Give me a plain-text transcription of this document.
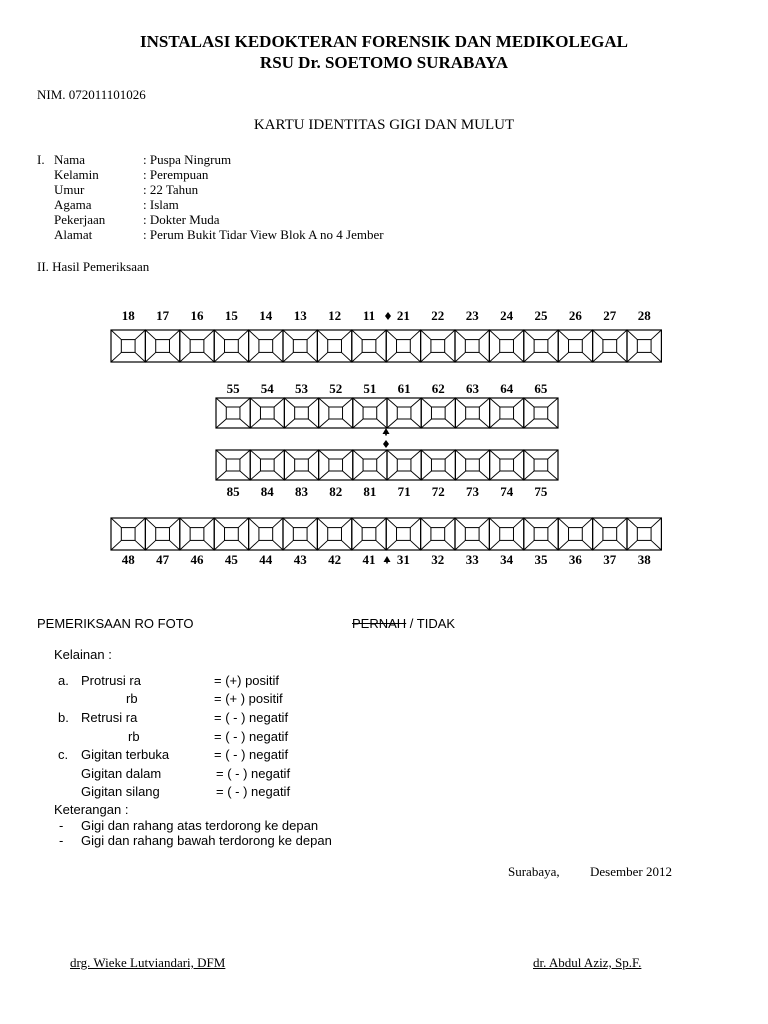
INSTALASI KEDOKTERAN FORENSIK DAN MEDIKOLEGAL
RSU Dr. SOETOMO SURABAYA
NIM. 072011101026
KARTU IDENTITAS GIGI DAN MULUT
I. Nama	: Puspa Ningrum
Kelamin	: Perempuan
Umur	: 22 Tahun
Agama	: Islam
Pekerjaan	: Dokter Muda
Alamat	: Perum Bukit Tidar View Blok A no 4 Jember
II. Hasil Pemeriksaan
18 17 16 15 14 13 12 11 21 22 23 24 25 26 27 28
55 54 53 52 51 61 62 63 64 65
85 84 83 82 81 71 72 73 74 75
48 47 46 45 44 43 42 41 31 32 33 34 35 36 37 38
PEMERIKSAAN RO FOTO	PERNAH / TIDAK
Kelainan :
a. Protrusi ra	= (+) positif
rb	= (+ ) positif
b. Retrusi ra	= ( - ) negatif
rb	= ( - ) negatif
c. Gigitan terbuka	= ( - ) negatif
Gigitan dalam	= ( - ) negatif
Gigitan silang	= ( - ) negatif
Keterangan :
- Gigi dan rahang atas terdorong ke depan
- Gigi dan rahang bawah terdorong ke depan
Surabaya, Desember 2012
drg. Wieke Lutviandari, DFM	dr. Abdul Aziz, Sp.F.
